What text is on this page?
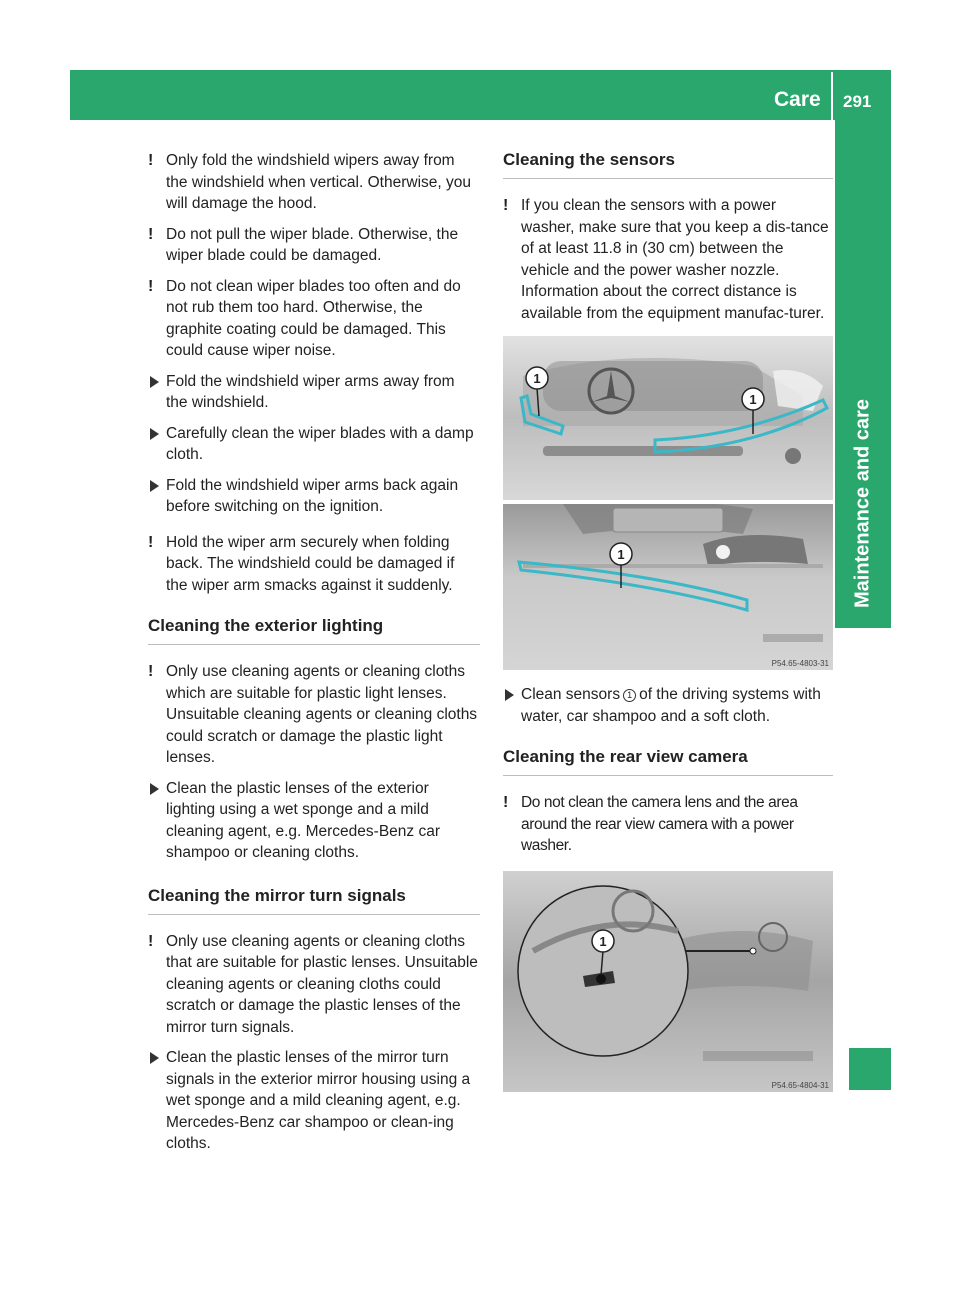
Care 291
Maintenance and care
! Only fold the windshield wipers away from the windshield when vertical. Otherwise, you will damage the hood.
! Do not pull the wiper blade. Otherwise, the wiper blade could be damaged.
! Do not clean wiper blades too often and do not rub them too hard. Otherwise, the graphite coating could be damaged. This could cause wiper noise.
Fold the windshield wiper arms away from the windshield.
Carefully clean the wiper blades with a damp cloth.
Fold the windshield wiper arms back again before switching on the ignition.
! Hold the wiper arm securely when folding back. The windshield could be damaged if the wiper arm smacks against it suddenly.
Cleaning the exterior lighting
! Only use cleaning agents or cleaning cloths which are suitable for plastic light lenses. Unsuitable cleaning agents or cleaning cloths could scratch or damage the plastic light lenses.
Clean the plastic lenses of the exterior lighting using a wet sponge and a mild cleaning agent, e.g. Mercedes-Benz car shampoo or cleaning cloths.
Cleaning the mirror turn signals
! Only use cleaning agents or cleaning cloths that are suitable for plastic lenses. Unsuitable cleaning agents or cleaning cloths could scratch or damage the plastic lenses of the mirror turn signals.
Clean the plastic lenses of the mirror turn signals in the exterior mirror housing using a wet sponge and a mild cleaning agent, e.g. Mercedes-Benz car shampoo or clean-ing cloths.
Cleaning the sensors
! If you clean the sensors with a power washer, make sure that you keep a dis-tance of at least 11.8 in (30 cm) between the vehicle and the power washer nozzle. Information about the correct distance is available from the equipment manufac-turer.
1
1
1
P54.65-4803-31
Clean sensors 1 of the driving systems with water, car shampoo and a soft cloth.
Cleaning the rear view camera
! Do not clean the camera lens and the area around the rear view camera with a power washer.
1
P54.65-4804-31
